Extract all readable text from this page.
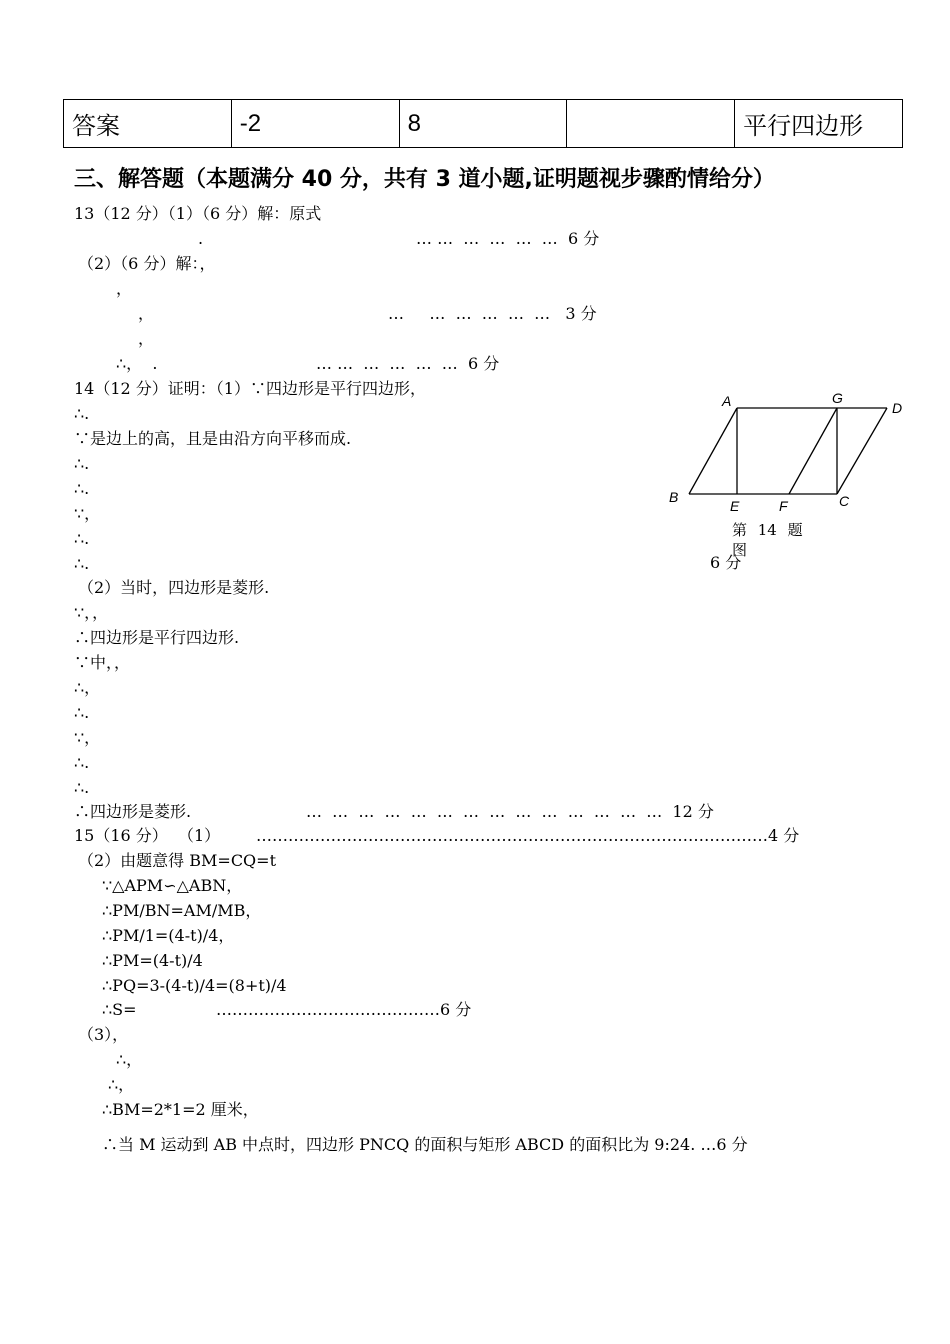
答案	-2	8		平行四边形
三、解答题（本题满分 40 分，共有 3 道小题,证明题视步骤酌情给分）
13（12 分）（1）（6 分）解：原式
.	… …  …  …  …  …  6 分
（2）（6 分）解：，
，
，	…     …  …  …  …  …   3 分
，
∴，  .	… …  …  …  …  …  6 分
14（12 分）证明：（1）∵四边形是平行四边形，
∴.
∵是边上的高，且是由沿方向平移而成.
∴.
∴.
∵，
∴.
∴.
（2）当时，四边形是菱形.
∵，，
∴四边形是平行四边形.
∵中，，
∴，
∴.
∵，
∴.
∴.
∴四边形是菱形.	…  …  …  …  …  …  …  …  …  …  …  …  …  …  12 分
15（16 分）  （1） ……………………………………………………………………………………4 分
（2）由题意得 BM=CQ=t
∵△APM∽△ABN，
∴PM/BN=AM/MB，
∴PM/1=(4-t)/4，
∴PM=(4-t)/4
∴PQ=3-(4-t)/4=(8+t)/4
∴S=	……………………………………6 分
（3），
∴，
∴，
∴BM=2*1=2 厘米，
∴当 M 运动到 AB 中点时，四边形 PNCQ 的面积与矩形 ABCD 的面积比为 9:24. …6 分
A	G
D
B
E	F	C
第 14 题图
6 分
